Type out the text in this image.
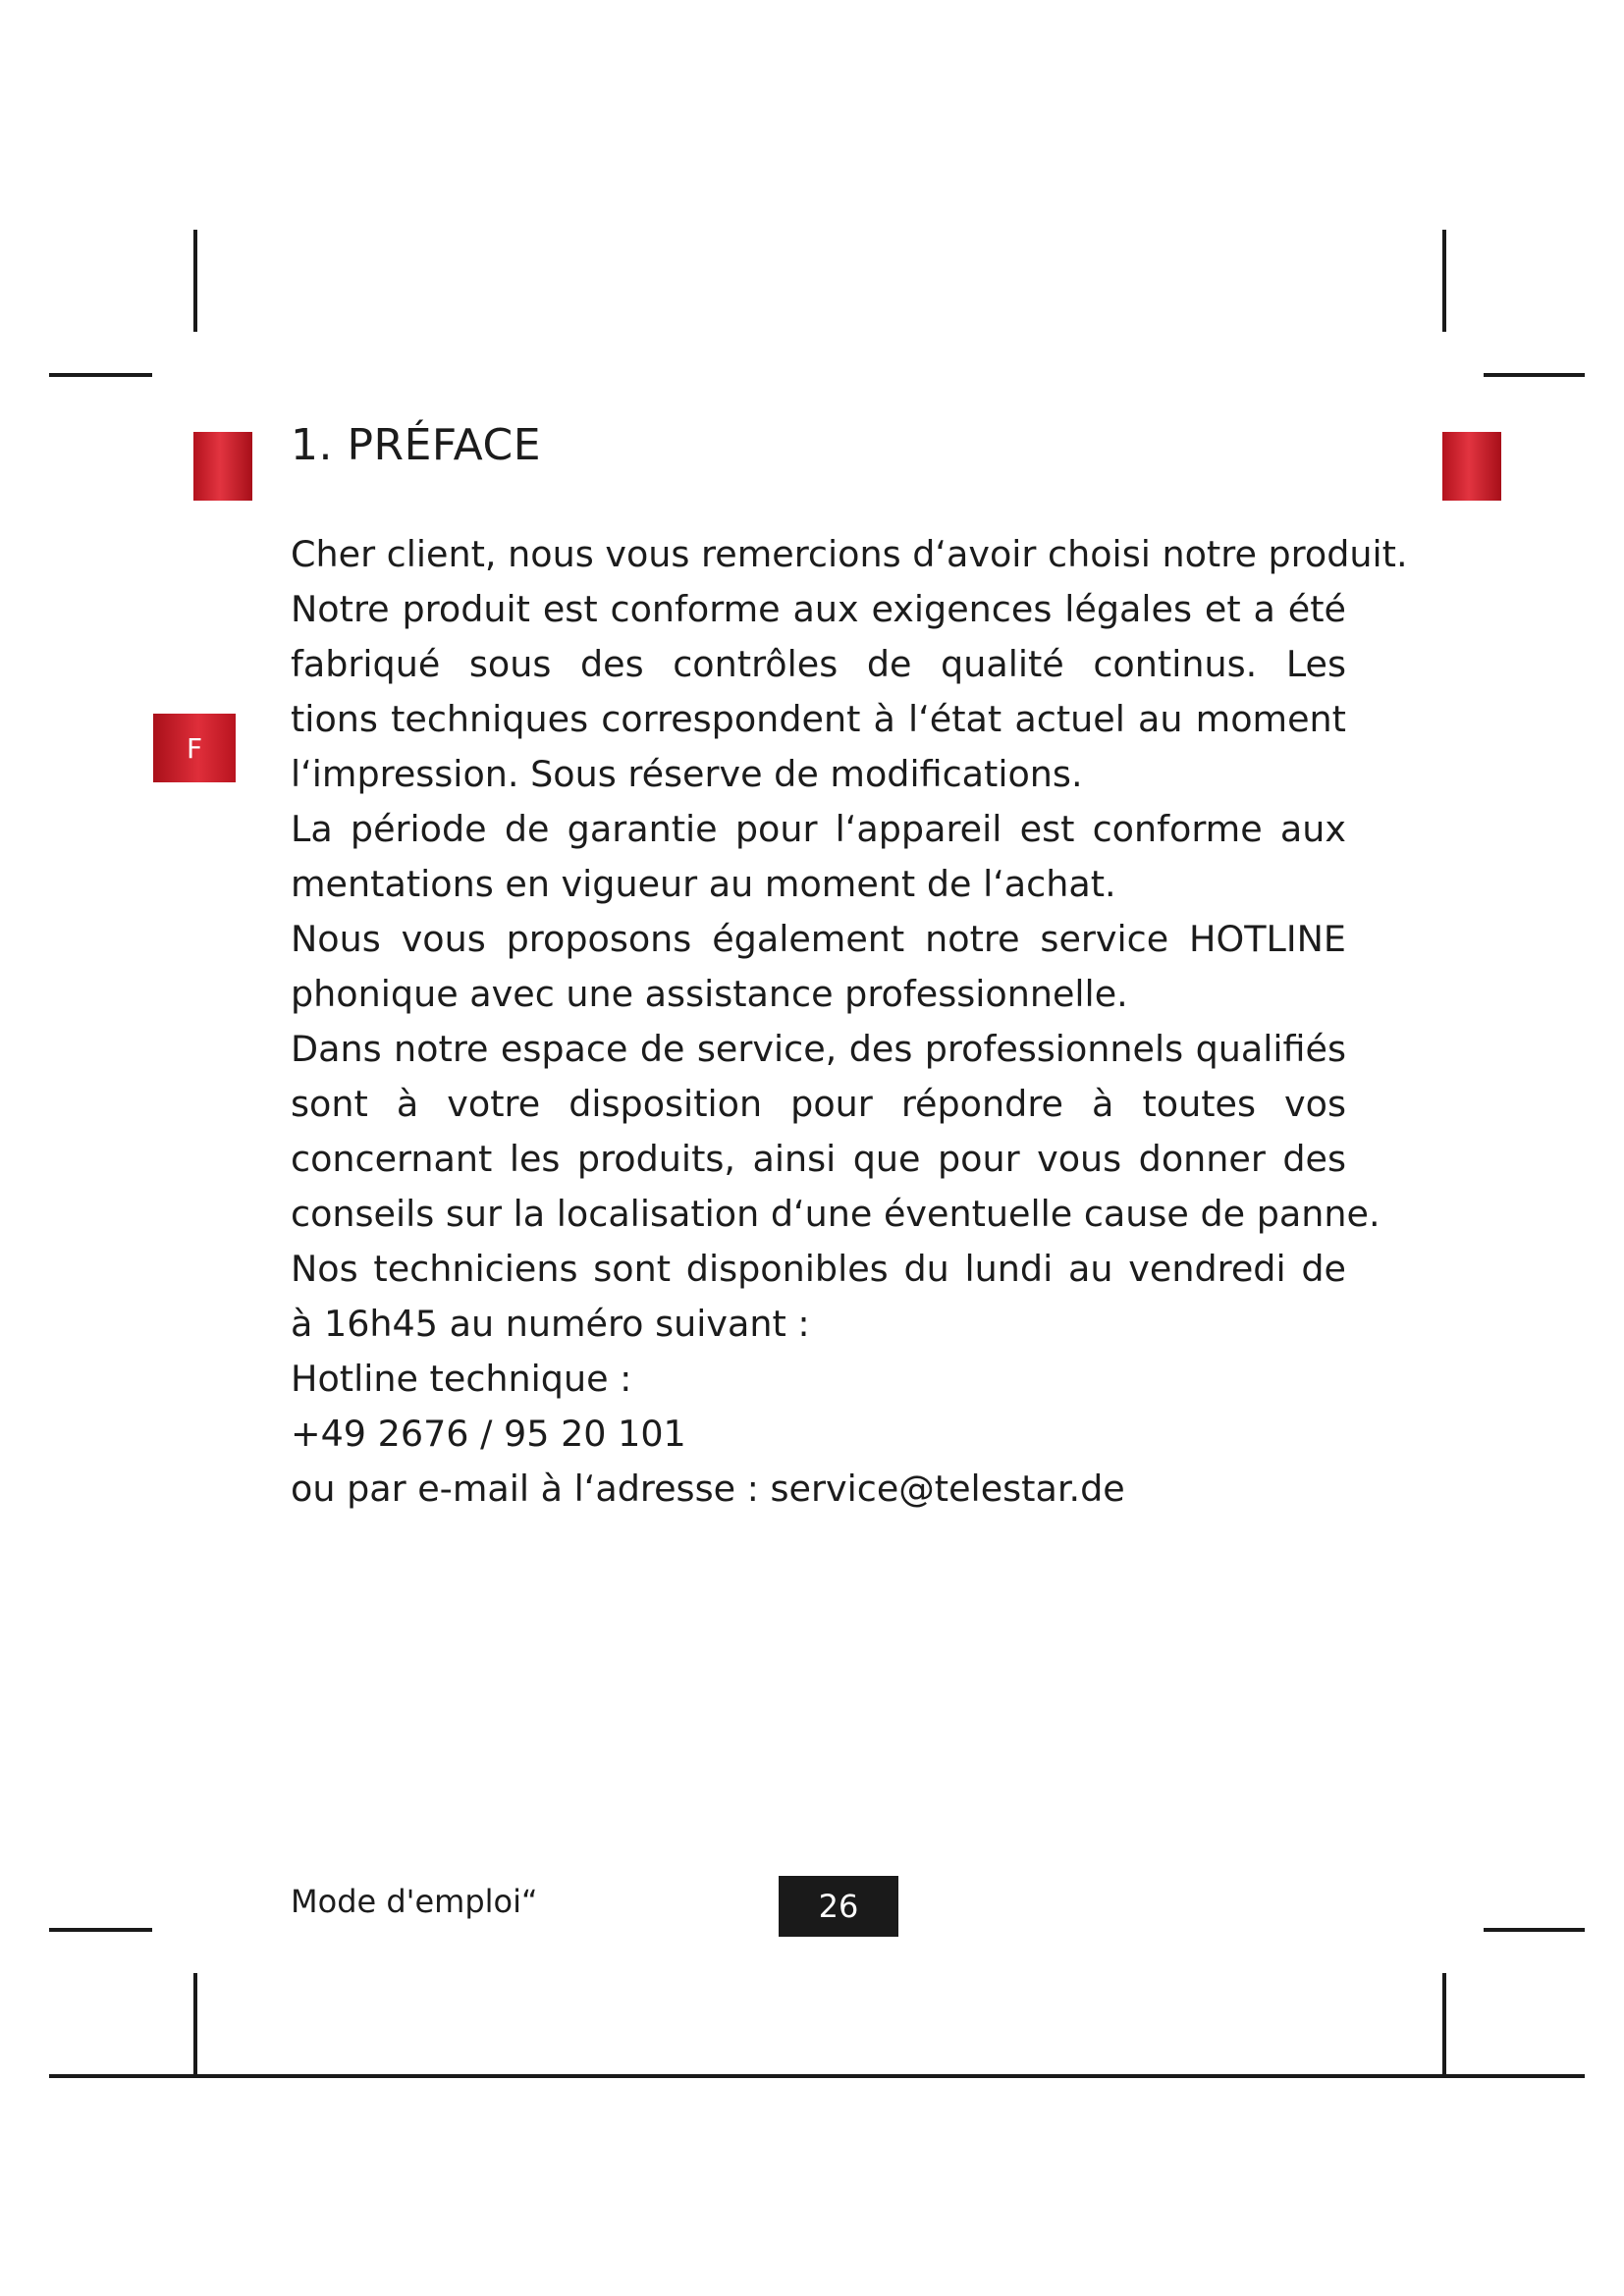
F
1. PRÉFACE
Cher client, nous vous remercions d‘avoir choisi notre produit.
Notre produit est conforme aux exigences légales et a été
fabriqué sous des contrôles de qualité continus. Les
tions techniques correspondent à l‘état actuel au moment
l‘impression. Sous réserve de modifications.
La période de garantie pour l‘appareil est conforme aux
mentations en vigueur au moment de l‘achat.
Nous vous proposons également notre service HOTLINE
phonique avec une assistance professionnelle.
Dans notre espace de service, des professionnels qualifiés
sont à votre disposition pour répondre à toutes vos
concernant les produits, ainsi que pour vous donner des
conseils sur la localisation d‘une éventuelle cause de panne.
Nos techniciens sont disponibles du lundi au vendredi de
à 16h45 au numéro suivant :
Hotline technique :
+49 2676 / 95 20 101
ou par e-mail à l‘adresse : service@telestar.de
Mode d'emploi“	26
